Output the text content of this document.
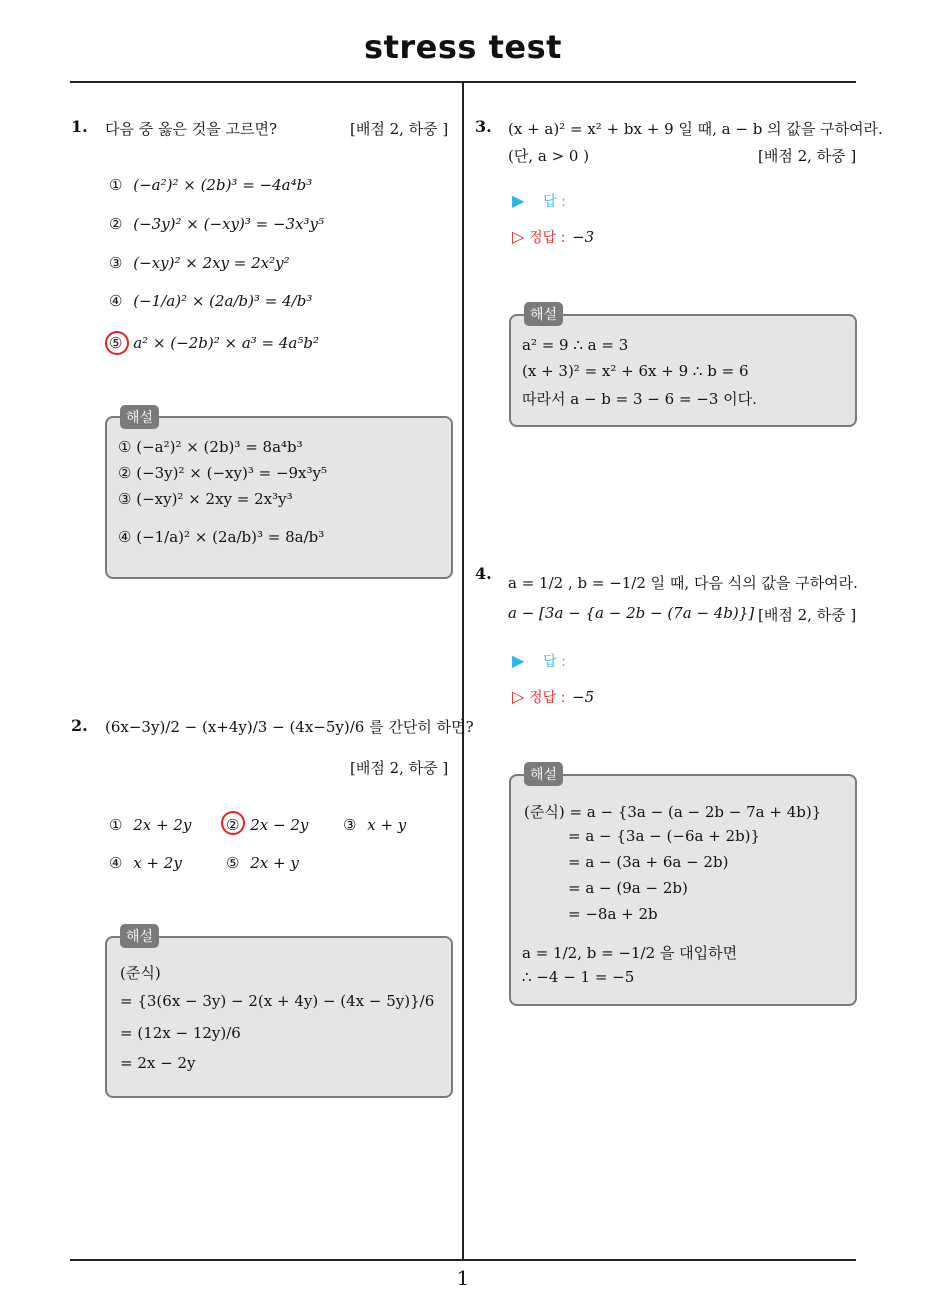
stress test
1. 다음 중 옳은 것을 고르면?	[배점 2, 하중 ]
① (−a²)² × (2b)³ = −4a⁴b³
② (−3y)² × (−xy)³ = −3x³y⁵
③ (−xy)² × 2xy = 2x²y²
④ (−1/a)² × (2a/b)³ = 4/b³
⑤ a² × (−2b)² × a³ = 4a⁵b²
해설
① (−a²)² × (2b)³ = 8a⁴b³
② (−3y)² × (−xy)³ = −9x³y⁵
③ (−xy)² × 2xy = 2x³y³
④ (−1/a)² × (2a/b)³ = 8a/b³
2. (6x−3y)/2 − (x+4y)/3 − (4x−5y)/6 를 간단히 하면?
[배점 2, 하중 ]
① 2x + 2y ② 2x − 2y ③ x + y
④ x + 2y	⑤ 2x + y
해설
(준식)
= {3(6x − 3y) − 2(x + 4y) − (4x − 5y)}/6
= (12x − 12y)/6
= 2x − 2y
3. (x + a)² = x² + bx + 9 일 때, a − b 의 값을 구하여라.
(단, a > 0 )	[배점 2, 하중 ]
▶ 답 :
▷ 정답 : −3
해설
a² = 9 ∴ a = 3
(x + 3)² = x² + 6x + 9 ∴ b = 6
따라서 a − b = 3 − 6 = −3 이다.
4. a = 1/2 , b = −1/2 일 때, 다음 식의 값을 구하여라.
a − [3a − {a − 2b − (7a − 4b)}] [배점 2, 하중 ]
▶ 답 :
▷ 정답 : −5
해설
(준식) = a − {3a − (a − 2b − 7a + 4b)}
= a − {3a − (−6a + 2b)}
= a − (3a + 6a − 2b)
= a − (9a − 2b)
= −8a + 2b
a = 1/2, b = −1/2 을 대입하면
∴ −4 − 1 = −5
1
